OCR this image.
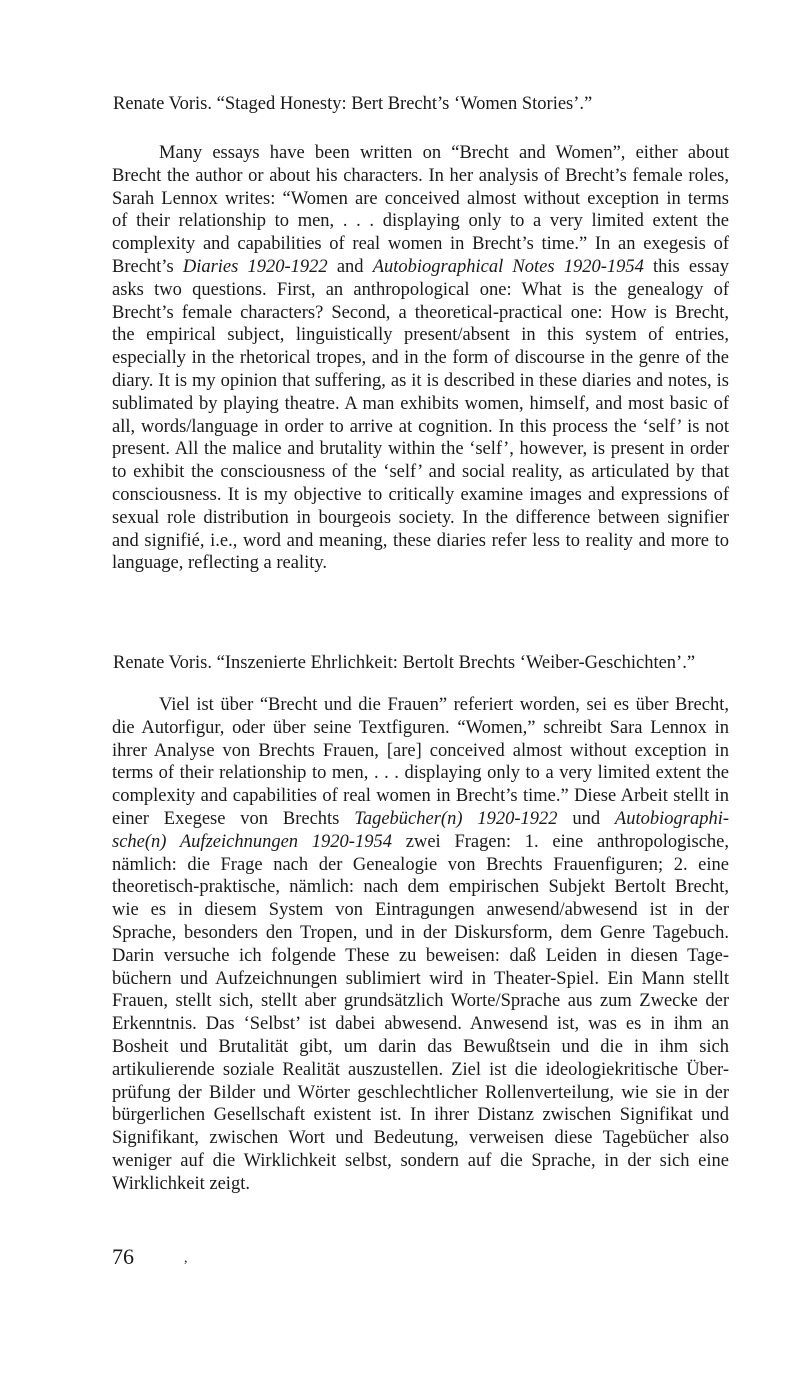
Renate Voris. “Staged Honesty: Bert Brecht’s ‘Women Stories’.”

Many essays have been written on “Brecht and Women”, either about
Brecht the author or about his characters. In her analysis of Brecht’s female roles,
Sarah Lennox writes: “Women are conceived almost without exception in terms
of their relationship to men, . . . displaying only to a very limited extent the
complexity and capabilities of real women in Brecht’s time.” In an exegesis of
Brecht’s Diaries 1920-1922 and Autobiographical Notes 1920-1954 this essay
asks two questions. First, an anthropological one: What is the genealogy of
Brecht’s female characters? Second, a theoretical-practical one: How is Brecht,
the empirical subject, linguistically present/absent in this system of entries,
especially in the rhetorical tropes, and in the form of discourse in the genre of the
diary. It is my opinion that suffering, as it is described in these diaries and notes, is
sublimated by playing theatre. A man exhibits women, himself, and most basic of
all, words/language in order to arrive at cognition. In this process the ‘self’ is not
present. All the malice and brutality within the ‘self’, however, is present in order
to exhibit the consciousness of the ‘self’ and social reality, as articulated by that
consciousness. It is my objective to critically examine images and expressions of
sexual role distribution in bourgeois society. In the difference between signifier
and signifié, i.e., word and meaning, these diaries refer less to reality and more to
language, reflecting a reality.

Renate Voris. “Inszenierte Ehrlichkeit: Bertolt Brechts ‘Weiber-Geschichten’.”

Viel ist über “Brecht und die Frauen” referiert worden, sei es über Brecht,
die Autorfigur, oder über seine Textfiguren. “Women,” schreibt Sara Lennox in
ihrer Analyse von Brechts Frauen, [are] conceived almost without exception in
terms of their relationship to men, . . . displaying only to a very limited extent the
complexity and capabilities of real women in Brecht’s time.” Diese Arbeit stellt in
einer Exegese von Brechts Tagebücher(n) 1920-1922 und Autobiographi-
sche(n) Aufzeichnungen 1920-1954 zwei Fragen: 1. eine anthropologische,
nämlich: die Frage nach der Genealogie von Brechts Frauenfiguren; 2. eine
theoretisch-praktische, nämlich: nach dem empirischen Subjekt Bertolt Brecht,
wie es in diesem System von Eintragungen anwesend/abwesend ist in der
Sprache, besonders den Tropen, und in der Diskursform, dem Genre Tagebuch.
Darin versuche ich folgende These zu beweisen: daß Leiden in diesen Tage-
büchern und Aufzeichnungen sublimiert wird in Theater-Spiel. Ein Mann stellt
Frauen, stellt sich, stellt aber grundsätzlich Worte/Sprache aus zum Zwecke der
Erkenntnis. Das ‘Selbst’ ist dabei abwesend. Anwesend ist, was es in ihm an
Bosheit und Brutalität gibt, um darin das Bewußtsein und die in ihm sich
artikulierende soziale Realität auszustellen. Ziel ist die ideologiekritische Über-
prüfung der Bilder und Wörter geschlechtlicher Rollenverteilung, wie sie in der
bürgerlichen Gesellschaft existent ist. In ihrer Distanz zwischen Signifikat und
Signifikant, zwischen Wort und Bedeutung, verweisen diese Tagebücher also
weniger auf die Wirklichkeit selbst, sondern auf die Sprache, in der sich eine
Wirklichkeit zeigt.

76	,
